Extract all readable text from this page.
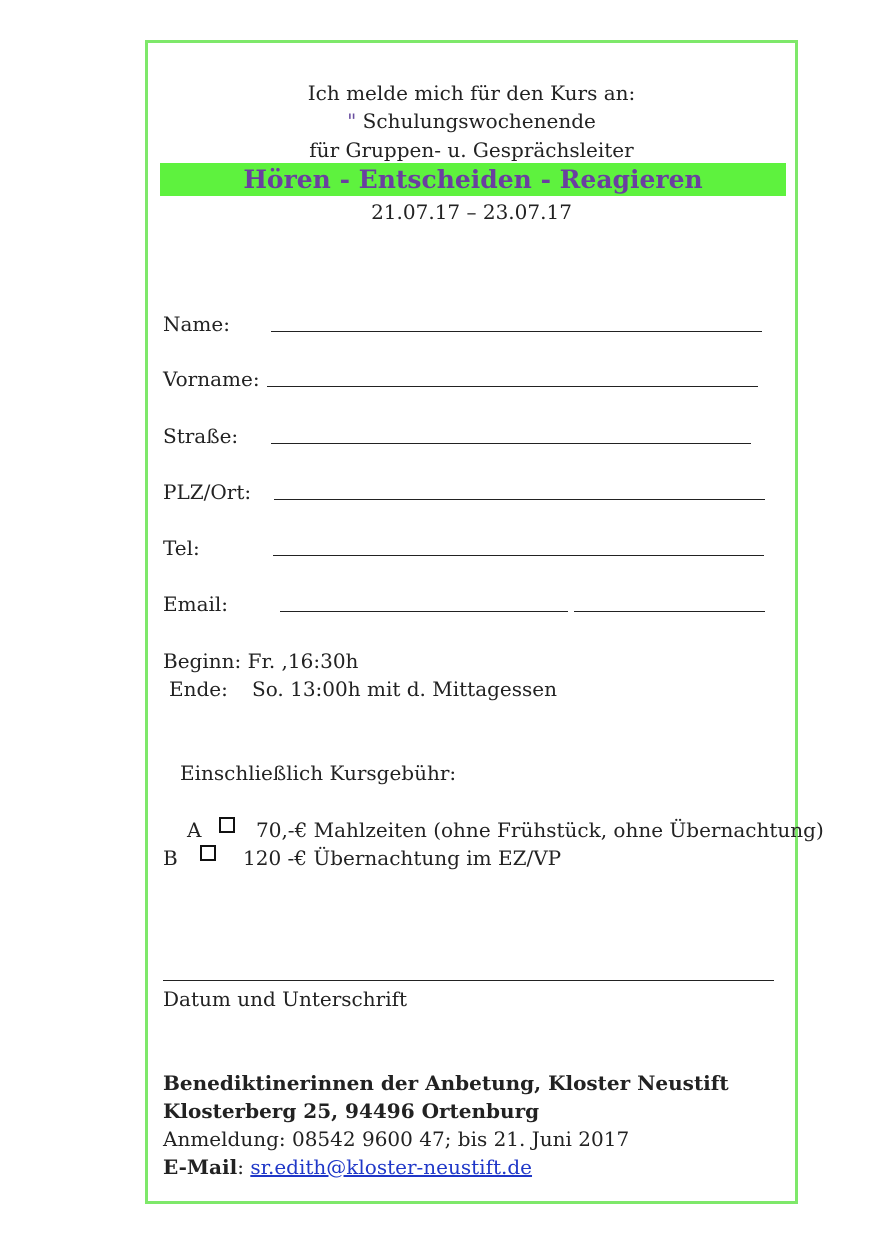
Ich melde mich für den Kurs an:
" Schulungswochenende
für Gruppen- u. Gesprächsleiter
Hören - Entscheiden - Reagieren
21.07.17 – 23.07.17
Name:
Vorname:
Straße:
PLZ/Ort:
Tel:
Email:
Beginn: Fr. ,16:30h
Ende: So. 13:00h mit d. Mittagessen
Einschließlich Kursgebühr:
A	70,-€ Mahlzeiten (ohne Frühstück, ohne Übernachtung)
B	120 -€ Übernachtung im EZ/VP
Datum und Unterschrift
Benediktinerinnen der Anbetung, Kloster Neustift
Klosterberg 25, 94496 Ortenburg
Anmeldung: 08542 9600 47; bis 21. Juni 2017
E-Mail: sr.edith@kloster-neustift.de
